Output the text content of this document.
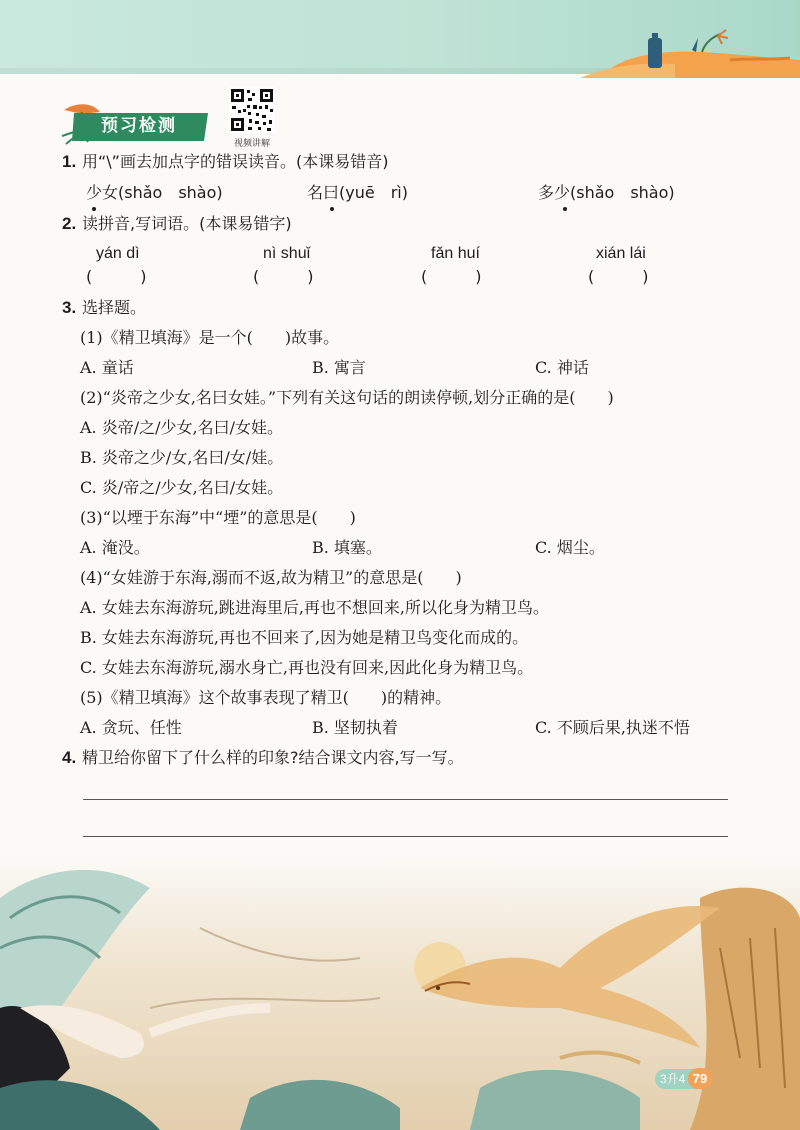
预习检测
视频讲解
1. 用“\”画去加点字的错误读音。(本课易错音)
少女(shǎo　shào)	名曰(yuē　rì)	多少(shǎo　shào)
2. 读拼音,写词语。(本课易错字)
yán dì	nì shuǐ	fǎn huí	xián lái
(　　　)	(　　　)	(　　　)	(　　　)
3. 选择题。
(1)《精卫填海》是一个(　　)故事。
A. 童话	B. 寓言	C. 神话
(2)“炎帝之少女,名曰女娃。”下列有关这句话的朗读停顿,划分正确的是(　　)
A. 炎帝/之/少女,名曰/女娃。
B. 炎帝之少/女,名曰/女/娃。
C. 炎/帝之/少女,名曰/女娃。
(3)“以堙于东海”中“堙”的意思是(　　)
A. 淹没。	B. 填塞。	C. 烟尘。
(4)“女娃游于东海,溺而不返,故为精卫”的意思是(　　)
A. 女娃去东海游玩,跳进海里后,再也不想回来,所以化身为精卫鸟。
B. 女娃去东海游玩,再也不回来了,因为她是精卫鸟变化而成的。
C. 女娃去东海游玩,溺水身亡,再也没有回来,因此化身为精卫鸟。
(5)《精卫填海》这个故事表现了精卫(　　)的精神。
A. 贪玩、任性	B. 坚韧执着	C. 不顾后果,执迷不悟
4. 精卫给你留下了什么样的印象?结合课文内容,写一写。
3升4 79
